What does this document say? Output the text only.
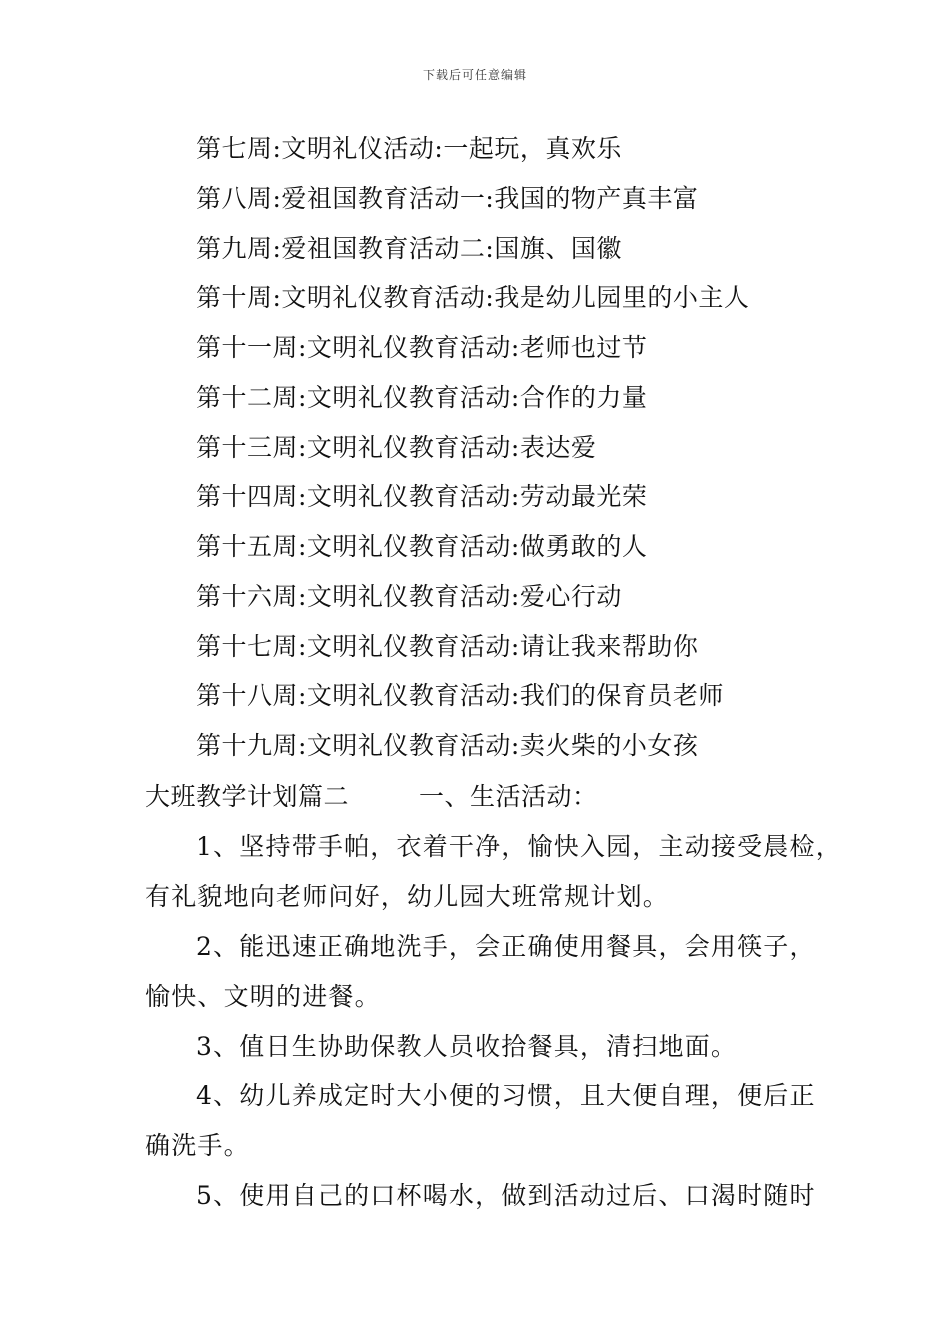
下载后可任意编辑
第七周:文明礼仪活动:一起玩，真欢乐
第八周:爱祖国教育活动一:我国的物产真丰富
第九周:爱祖国教育活动二:国旗、国徽
第十周:文明礼仪教育活动:我是幼儿园里的小主人
第十一周:文明礼仪教育活动:老师也过节
第十二周:文明礼仪教育活动:合作的力量
第十三周:文明礼仪教育活动:表达爱
第十四周:文明礼仪教育活动:劳动最光荣
第十五周:文明礼仪教育活动:做勇敢的人
第十六周:文明礼仪教育活动:爱心行动
第十七周:文明礼仪教育活动:请让我来帮助你
第十八周:文明礼仪教育活动:我们的保育员老师
第十九周:文明礼仪教育活动:卖火柴的小女孩
大班教学计划篇二	一、生活活动：
1、坚持带手帕，衣着干净，愉快入园，主动接受晨检，
有礼貌地向老师问好，幼儿园大班常规计划。
2、能迅速正确地洗手，会正确使用餐具，会用筷子，
愉快、文明的进餐。
3、值日生协助保教人员收拾餐具，清扫地面。
4、幼儿养成定时大小便的习惯，且大便自理，便后正
确洗手。
5、使用自己的口杯喝水，做到活动过后、口渴时随时
